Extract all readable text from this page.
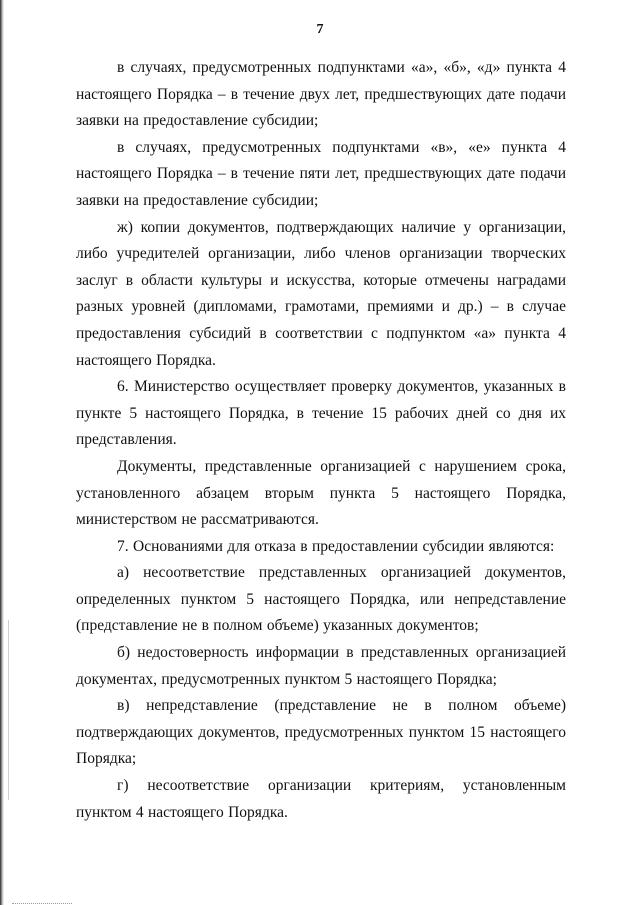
7

в случаях, предусмотренных подпунктами «а», «б», «д» пункта 4 настоящего Порядка – в течение двух лет, предшествующих дате подачи заявки на предоставление субсидии;

в случаях, предусмотренных подпунктами «в», «е» пункта 4 настоящего Порядка – в течение пяти лет, предшествующих дате подачи заявки на предоставление субсидии;

ж) копии документов, подтверждающих наличие у организации, либо учредителей организации, либо членов организации творческих заслуг в области культуры и искусства, которые отмечены наградами разных уровней (дипломами, грамотами, премиями и др.) – в случае предоставления субсидий в соответствии с подпунктом «а» пункта 4 настоящего Порядка.

6. Министерство осуществляет проверку документов, указанных в пункте 5 настоящего Порядка, в течение 15 рабочих дней со дня их представления.

Документы, представленные организацией с нарушением срока, установленного абзацем вторым пункта 5 настоящего Порядка, министерством не рассматриваются.

7. Основаниями для отказа в предоставлении субсидии являются:

а) несоответствие представленных организацией документов, определенных пунктом 5 настоящего Порядка, или непредставление (представление не в полном объеме) указанных документов;

б) недостоверность информации в представленных организацией документах, предусмотренных пунктом 5 настоящего Порядка;

в) непредставление (представление не в полном объеме) подтверждающих документов, предусмотренных пунктом 15 настоящего Порядка;

г) несоответствие организации критериям, установленным пунктом 4 настоящего Порядка.
